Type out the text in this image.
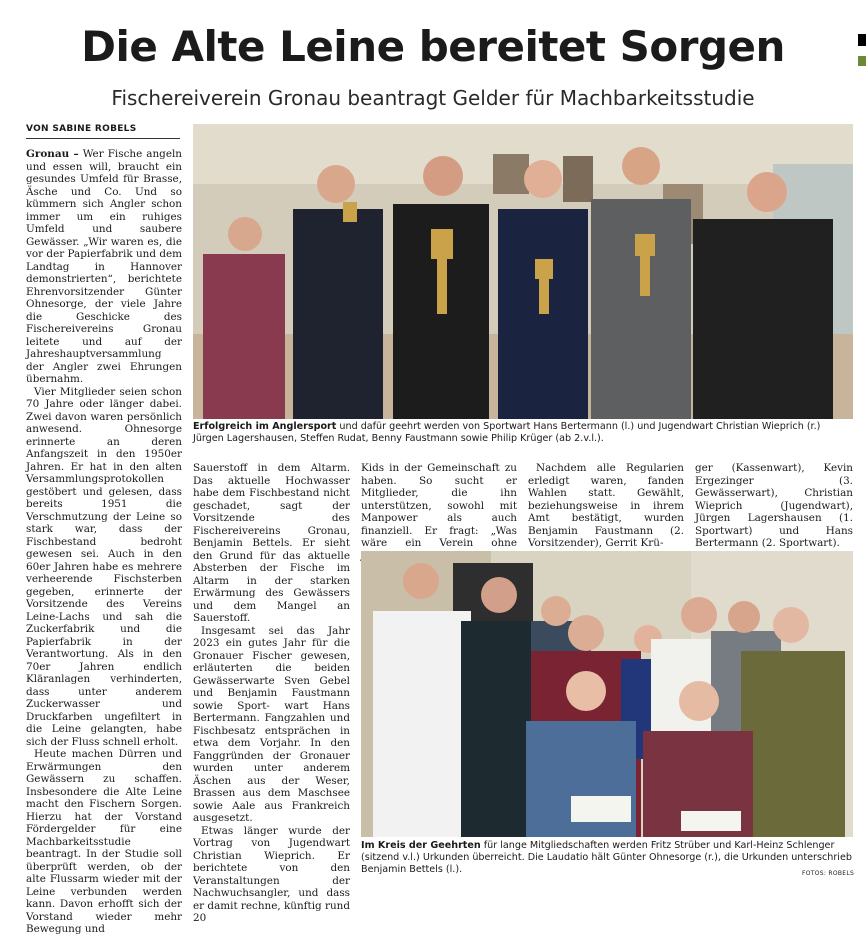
Die Alte Leine bereitet Sorgen
Fischereiverein Gronau beantragt Gelder für Machbarkeitsstudie
VON SABINE ROBELS

Gronau – Wer Fische angeln und essen will, braucht ein gesundes Umfeld für Brasse, Äsche und Co. Und so kümmern sich Angler schon immer um ein ruhiges Umfeld und saubere Gewässer. „Wir waren es, die vor der Papierfabrik und dem Landtag in Hannover demonstrierten“, berichtete Ehrenvorsitzender Günter Ohnesorge, der viele Jahre die Geschicke des Fischereivereins Gronau leitete und auf der Jahreshauptversammlung der Angler zwei Ehrungen übernahm.

Vier Mitglieder seien schon 70 Jahre oder länger dabei. Zwei davon waren persönlich anwesend. Ohnesorge erinnerte an deren Anfangszeit in den 1950er Jahren. Er hat in den alten Versammlungsprotokollen gestöbert und gelesen, dass bereits 1951 die Verschmutzung der Leine so stark war, dass der Fischbestand bedroht gewesen sei. Auch in den 60er Jahren habe es mehrere verheerende Fischsterben gegeben, erinnerte der Vorsitzende des Vereins Leine-Lachs und sah die Zuckerfabrik und die Papierfabrik in der Verantwortung. Als in den 70er Jahren endlich Kläranlagen verhinderten, dass unter anderem Zuckerwasser und Druckfarben ungefiltert in die Leine gelangten, habe sich der Fluss schnell erholt.

Heute machen Dürren und Erwärmungen den Gewässern zu schaffen. Insbesondere die Alte Leine macht den Fischern Sorgen. Hierzu hat der Vorstand Fördergelder für eine Machbarkeitsstudie beantragt. In der Studie soll überprüft werden, ob der alte Flussarm wieder mit der Leine verbunden werden kann. Davon erhofft sich der Vorstand wieder mehr Bewegung und

Erfolgreich im Anglersport und dafür geehrt werden von Sportwart Hans Bertermann (l.) und Jugendwart Christian Wieprich (r.) Jürgen Lagershausen, Steffen Rudat, Benny Faustmann sowie Philip Krüger (ab 2.v.l.).

Sauerstoff in dem Altarm. Das aktuelle Hochwasser habe dem Fischbestand nicht geschadet, sagt der Vorsitzende des Fischereivereins Gronau, Benjamin Bettels. Er sieht den Grund für das aktuelle Absterben der Fische im Altarm in der starken Erwärmung des Gewässers und dem Mangel an Sauerstoff.

Insgesamt sei das Jahr 2023 ein gutes Jahr für die Gronauer Fischer gewesen, erläuterten die beiden Gewässerwarte Sven Gebel und Benjamin Faustmann sowie Sport- wart Hans Bertermann. Fangzahlen und Fischbesatz entsprächen in etwa dem Vorjahr. In den Fanggründen der Gronauer wurden unter anderem Äschen aus der Weser, Brassen aus dem Maschsee sowie Aale aus Frankreich ausgesetzt.

Etwas länger wurde der Vortrag von Jugendwart Christian Wieprich. Er berichtete von den Veranstaltungen der Nachwuchsangler, und dass er damit rechne, künftig rund 20

Kids in der Gemeinschaft zu haben. So sucht er Mitglieder, die ihn unterstützen, sowohl mit Manpower als auch finanziell. Er fragt: „Was wäre ein Verein ohne

Nachdem alle Regularien erledigt waren, fanden Wahlen statt. Gewählt, beziehungsweise in ihrem Amt bestätigt, wurden Benjamin Faustmann (2. Vorsitzender), Gerrit Krü-

ger (Kassenwart), Kevin Ergezinger (3. Gewässerwart), Christian Wieprich (Jugendwart), Jürgen Lagershausen (1. Sportwart) und Hans Bertermann (2. Sportwart).

Im Kreis der Geehrten für lange Mitgliedschaften werden Fritz Strüber und Karl-Heinz Schlenger (sitzend v.l.) Urkunden überreicht. Die Laudatio hält Günter Ohnesorge (r.), die Urkunden unterschrieb Benjamin Bettels (l.).	FOTOS: ROBELS
